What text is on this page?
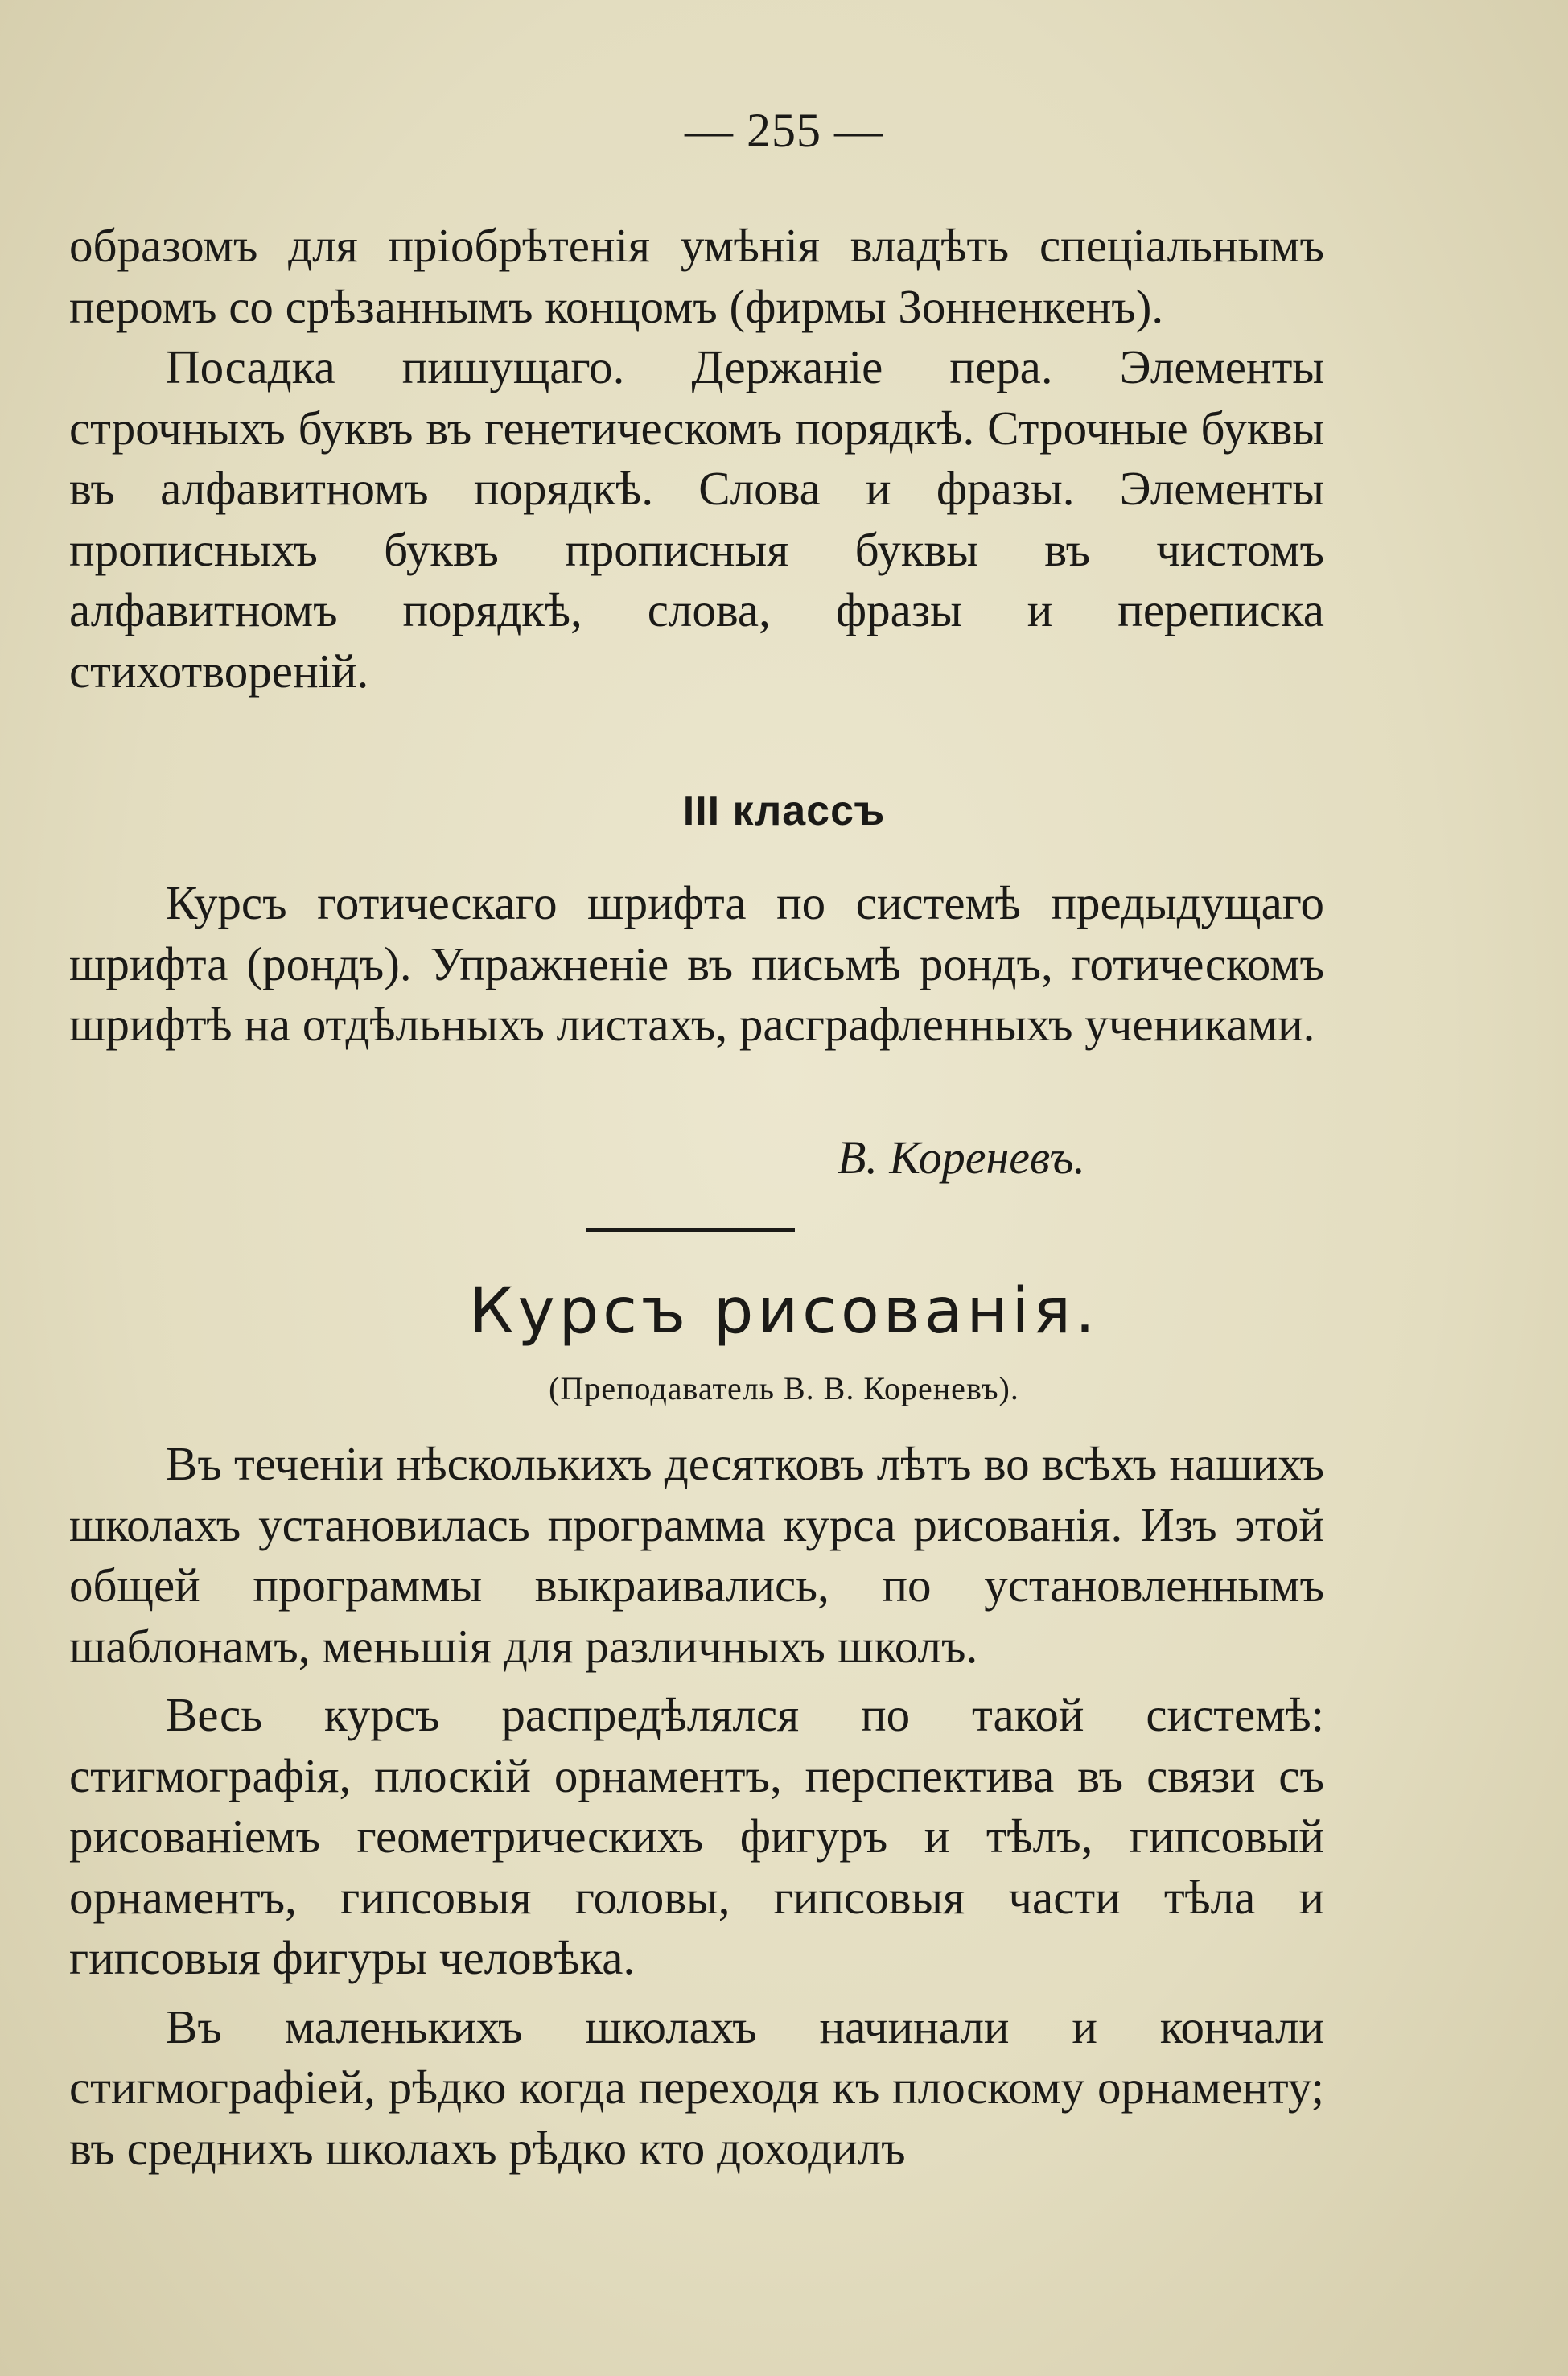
— 255 —

образомъ для пріобрѣтенія умѣнія владѣть спеціальнымъ перомъ со срѣзаннымъ концомъ (фирмы Зонненкенъ).

Посадка пишущаго. Держаніе пера. Элементы строчныхъ буквъ въ генетическомъ порядкѣ. Строчные буквы въ алфавитномъ порядкѣ. Слова и фразы. Элементы прописныхъ буквъ прописныя буквы въ чистомъ алфавитномъ порядкѣ, слова, фразы и переписка стихотвореній.

III классъ

Курсъ готическаго шрифта по системѣ предыдущаго шрифта (рондъ). Упражненіе въ письмѣ рондъ, готическомъ шрифтѣ на отдѣльныхъ листахъ, расграфленныхъ учениками.

В. Кореневъ.
Курсъ рисованія.
(Преподаватель В. В. Кореневъ).

Въ теченіи нѣсколькихъ десятковъ лѣтъ во всѣхъ нашихъ школахъ установилась программа курса рисованія. Изъ этой общей программы выкраивались, по установленнымъ шаблонамъ, меньшія для различныхъ школъ.

Весь курсъ распредѣлялся по такой системѣ: стигмографія, плоскій орнаментъ, перспектива въ связи съ рисованіемъ геометрическихъ фигуръ и тѣлъ, гипсовый орнаментъ, гипсовыя головы, гипсовыя части тѣла и гипсовыя фигуры человѣка.

Въ маленькихъ школахъ начинали и кончали стигмографіей, рѣдко когда переходя къ плоскому орнаменту; въ среднихъ школахъ рѣдко кто доходилъ
